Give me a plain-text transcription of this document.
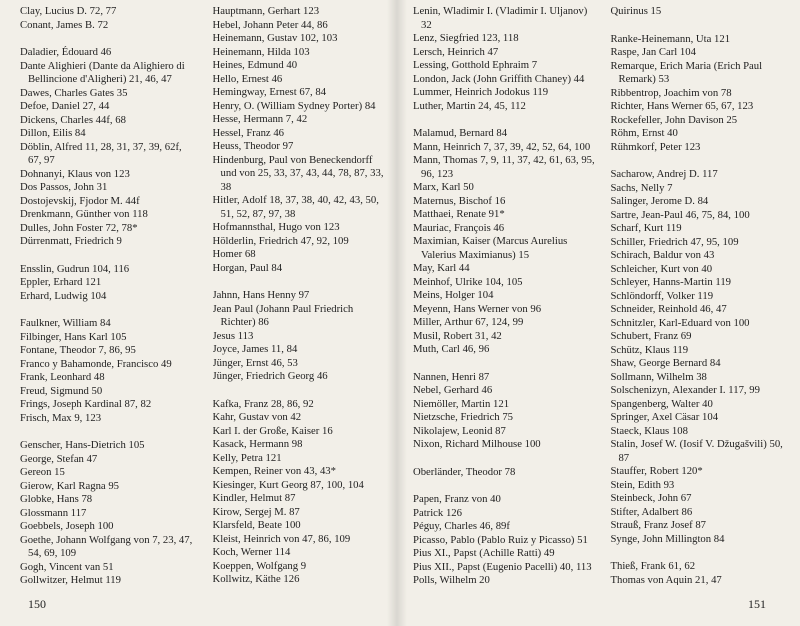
Clay, Lucius D. 72, 77
Conant, James B. 72
Daladier, Édouard 46
Dante Alighieri (Dante da Alighiero di Bellincione d'Aligheri) 21, 46, 47
Dawes, Charles Gates 35
Defoe, Daniel 27, 44
Dickens, Charles 44f, 68
Dillon, Eilis 84
Döblin, Alfred 11, 28, 31, 37, 39, 62f, 67, 97
Dohnanyi, Klaus von 123
Dos Passos, John 31
Dostojevskij, Fjodor M. 44f
Drenkmann, Günther von 118
Dulles, John Foster 72, 78*
Dürrenmatt, Friedrich 9
Ensslin, Gudrun 104, 116
Eppler, Erhard 121
Erhard, Ludwig 104
Faulkner, William 84
Filbinger, Hans Karl 105
Fontane, Theodor 7, 86, 95
Franco y Bahamonde, Francisco 49
Frank, Leonhard 48
Freud, Sigmund 50
Frings, Joseph Kardinal 87, 82
Frisch, Max 9, 123
Genscher, Hans-Dietrich 105
George, Stefan 47
Gereon 15
Gierow, Karl Ragna 95
Globke, Hans 78
Glossmann 117
Goebbels, Joseph 100
Goethe, Johann Wolfgang von 7, 23, 47, 54, 69, 109
Gogh, Vincent van 51
Gollwitzer, Helmut 119
Hauptmann, Gerhart 123
Hebel, Johann Peter 44, 86
Heinemann, Gustav 102, 103
Heinemann, Hilda 103
Heines, Edmund 40
Hello, Ernest 46
Hemingway, Ernest 67, 84
Henry, O. (William Sydney Porter) 84
Hesse, Hermann 7, 42
Hessel, Franz 46
Heuss, Theodor 97
Hindenburg, Paul von Beneckendorff und von 25, 33, 37, 43, 44, 78, 87, 33, 38
Hitler, Adolf 18, 37, 38, 40, 42, 43, 50, 51, 52, 87, 97, 38
Hofmannsthal, Hugo von 123
Hölderlin, Friedrich 47, 92, 109
Homer 68
Horgan, Paul 84
Jahnn, Hans Henny 97
Jean Paul (Johann Paul Friedrich Richter) 86
Jesus 113
Joyce, James 11, 84
Jünger, Ernst 46, 53
Jünger, Friedrich Georg 46
Kafka, Franz 28, 86, 92
Kahr, Gustav von 42
Karl I. der Große, Kaiser 16
Kasack, Hermann 98
Kelly, Petra 121
Kempen, Reiner von 43, 43*
Kiesinger, Kurt Georg 87, 100, 104
Kindler, Helmut 87
Kirow, Sergej M. 87
Klarsfeld, Beate 100
Kleist, Heinrich von 47, 86, 109
Koch, Werner 114
Koeppen, Wolfgang 9
Kollwitz, Käthe 126
150
Lenin, Wladimir I. (Vladimir I. Uljanov) 32
Lenz, Siegfried 123, 118
Lersch, Heinrich 47
Lessing, Gotthold Ephraim 7
London, Jack (John Griffith Chaney) 44
Lummer, Heinrich Jodokus 119
Luther, Martin 24, 45, 112
Malamud, Bernard 84
Mann, Heinrich 7, 37, 39, 42, 52, 64, 100
Mann, Thomas 7, 9, 11, 37, 42, 61, 63, 95, 96, 123
Marx, Karl 50
Maternus, Bischof 16
Matthaei, Renate 91*
Mauriac, François 46
Maximian, Kaiser (Marcus Aurelius Valerius Maximianus) 15
May, Karl 44
Meinhof, Ulrike 104, 105
Meins, Holger 104
Meyenn, Hans Werner von 96
Miller, Arthur 67, 124, 99
Musil, Robert 31, 42
Muth, Carl 46, 96
Nannen, Henri 87
Nebel, Gerhard 46
Niemöller, Martin 121
Nietzsche, Friedrich 75
Nikolajew, Leonid 87
Nixon, Richard Milhouse 100
Oberländer, Theodor 78
Papen, Franz von 40
Patrick 126
Péguy, Charles 46, 89f
Picasso, Pablo (Pablo Ruiz y Picasso) 51
Pius XI., Papst (Achille Ratti) 49
Pius XII., Papst (Eugenio Pacelli) 40, 113
Polls, Wilhelm 20
Quirinus 15
Ranke-Heinemann, Uta 121
Raspe, Jan Carl 104
Remarque, Erich Maria (Erich Paul Remark) 53
Ribbentrop, Joachim von 78
Richter, Hans Werner 65, 67, 123
Rockefeller, John Davison 25
Röhm, Ernst 40
Rühmkorf, Peter 123
Sacharow, Andrej D. 117
Sachs, Nelly 7
Salinger, Jerome D. 84
Sartre, Jean-Paul 46, 75, 84, 100
Scharf, Kurt 119
Schiller, Friedrich 47, 95, 109
Schirach, Baldur von 43
Schleicher, Kurt von 40
Schleyer, Hanns-Martin 119
Schlöndorff, Volker 119
Schneider, Reinhold 46, 47
Schnitzler, Karl-Eduard von 100
Schubert, Franz 69
Schütz, Klaus 119
Shaw, George Bernard 84
Sollmann, Wilhelm 38
Solschenizyn, Alexander I. 117, 99
Spangenberg, Walter 40
Springer, Axel Cäsar 104
Staeck, Klaus 108
Stalin, Josef W. (Iosif V. Džugašvili) 50, 87
Stauffer, Robert 120*
Stein, Edith 93
Steinbeck, John 67
Stifter, Adalbert 86
Strauß, Franz Josef 87
Synge, John Millington 84
Thieß, Frank 61, 62
Thomas von Aquin 21, 47
151
